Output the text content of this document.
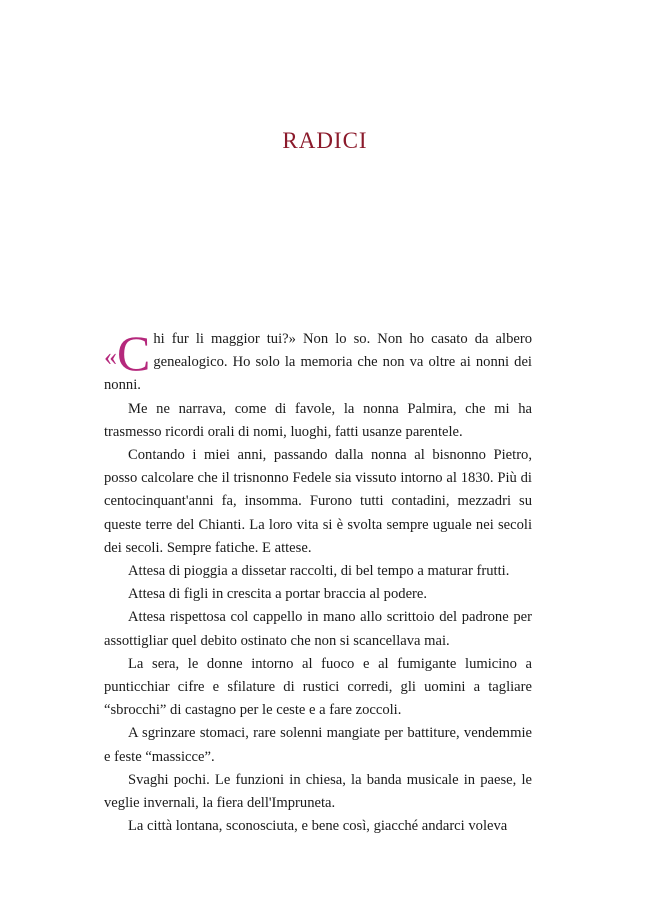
RADICI

« C hi fur li maggior tui?» Non lo so. Non ho casato da albero genealogico. Ho solo la memoria che non va oltre ai nonni dei nonni.

Me ne narrava, come di favole, la nonna Palmira, che mi ha trasmesso ricordi orali di nomi, luoghi, fatti usanze parentele.

Contando i miei anni, passando dalla nonna al bisnonno Pietro, posso calcolare che il trisnonno Fedele sia vissuto intorno al 1830. Più di centocinquant'anni fa, insomma. Furono tutti contadini, mezzadri su queste terre del Chianti. La loro vita si è svolta sempre uguale nei secoli dei secoli. Sempre fatiche. E attese.

Attesa di pioggia a dissetar raccolti, di bel tempo a maturar frutti.

Attesa di figli in crescita a portar braccia al podere.

Attesa rispettosa col cappello in mano allo scrittoio del padrone per assottigliar quel debito ostinato che non si scancellava mai.

La sera, le donne intorno al fuoco e al fumigante lumicino a punticchiar cifre e sfilature di rustici corredi, gli uomini a tagliare “sbrocchi” di castagno per le ceste e a fare zoccoli.

A sgrinzare stomaci, rare solenni mangiate per battiture, vendemmie e feste “massicce”.

Svaghi pochi. Le funzioni in chiesa, la banda musicale in paese, le veglie invernali, la fiera dell'Impruneta.

La città lontana, sconosciuta, e bene così, giacché andarci voleva
